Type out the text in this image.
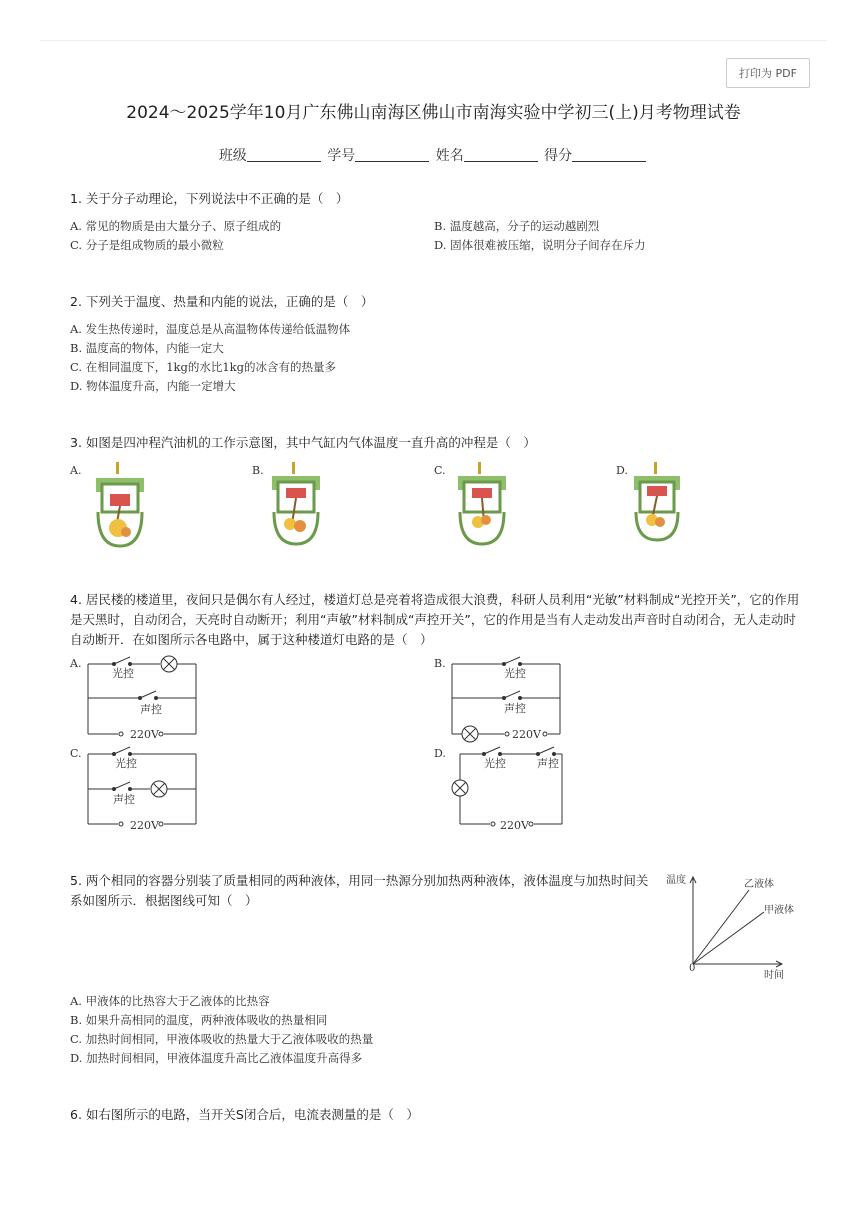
打印为 PDF
2024～2025学年10月广东佛山南海区佛山市南海实验中学初三(上)月考物理试卷
班级	学号	姓名	得分
1. 关于分子动理论，下列说法中不正确的是（　）
A. 常见的物质是由大量分子、原子组成的	B. 温度越高，分子的运动越剧烈
C. 分子是组成物质的最小微粒	D. 固体很难被压缩，说明分子间存在斥力
2. 下列关于温度、热量和内能的说法，正确的是（　）
A. 发生热传递时，温度总是从高温物体传递给低温物体
B. 温度高的物体，内能一定大
C. 在相同温度下，1kg的水比1kg的冰含有的热量多
D. 物体温度升高，内能一定增大
3. 如图是四冲程汽油机的工作示意图，其中气缸内气体温度一直升高的冲程是（　）
A.	B.	C.	D.
4. 居民楼的楼道里，夜间只是偶尔有人经过，楼道灯总是亮着将造成很大浪费，科研人员利用“光敏”材料制成“光控开关”，它的作用是天黑时，自动闭合，天亮时自动断开；利用“声敏”材料制成“声控开关”，它的作用是当有人走动发出声音时自动闭合，无人走动时自动断开．在如图所示各电路中，属于这种楼道灯电路的是（　）
A.
光控
声控
220V
B.
光控
声控
220V
C.
光控
声控
220V
D.
光控	声控
220V
5. 两个相同的容器分别装了质量相同的两种液体，用同一热源分别加热两种液体，液体温度与加热时间关系如图所示．根据图线可知（　）
温度
时间
0
乙液体
甲液体
A. 甲液体的比热容大于乙液体的比热容
B. 如果升高相同的温度，两种液体吸收的热量相同
C. 加热时间相同，甲液体吸收的热量大于乙液体吸收的热量
D. 加热时间相同，甲液体温度升高比乙液体温度升高得多
6. 如右图所示的电路，当开关S闭合后，电流表测量的是（　）
